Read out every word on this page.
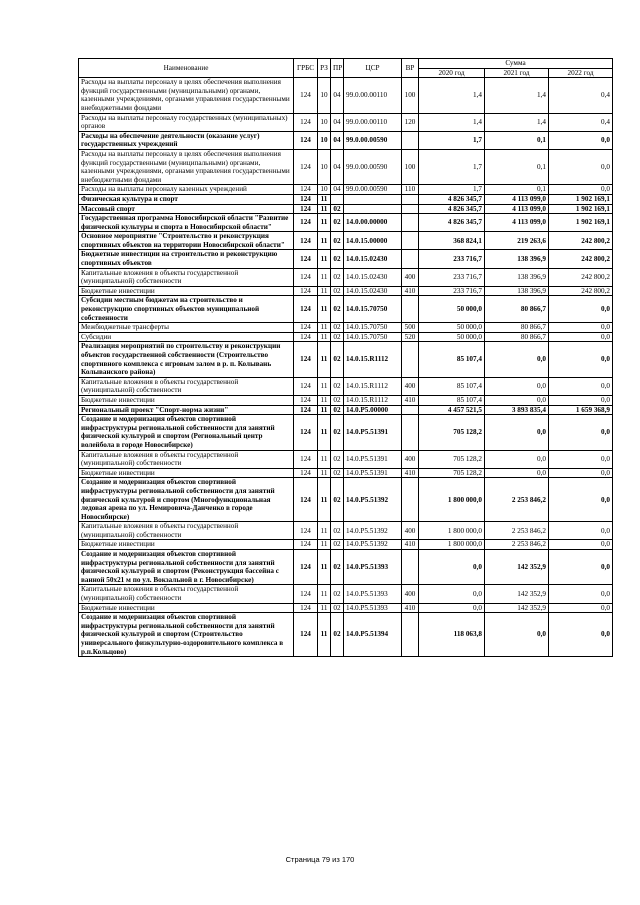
Наименование	ГРБС	РЗ	ПР	ЦСР	ВР	Сумма		
						2020 год	2021 год	2022 год
Расходы на выплаты персоналу в целях обеспечения выполнения функций государственными (муниципальными) органами, казенными учреждениями, органами управления государственными внебюджетными фондами	124	10	04	99.0.00.00110	100	1,4	1,4	0,4
Расходы на выплаты персоналу государственных (муниципальных) органов	124	10	04	99.0.00.00110	120	1,4	1,4	0,4
Расходы на обеспечение деятельности (оказание услуг) государственных учреждений	124	10	04	99.0.00.00590		1,7	0,1	0,0
Расходы на выплаты персоналу в целях обеспечения выполнения функций государственными (муниципальными) органами, казенными учреждениями, органами управления государственными внебюджетными фондами	124	10	04	99.0.00.00590	100	1,7	0,1	0,0
Расходы на выплаты персоналу казенных учреждений	124	10	04	99.0.00.00590	110	1,7	0,1	0,0
Физическая культура и спорт	124	11				4 826 345,7	4 113 099,0	1 902 169,1
Массовый спорт	124	11	02			4 826 345,7	4 113 099,0	1 902 169,1
Государственная программа Новосибирской области "Развитие физической культуры и спорта в Новосибирской области"	124	11	02	14.0.00.00000		4 826 345,7	4 113 099,0	1 902 169,1
Основное мероприятие "Строительство и реконструкция спортивных объектов на территории Новосибирской области"	124	11	02	14.0.15.00000		368 824,1	219 263,6	242 800,2
Бюджетные инвестиции на строительство и реконструкцию спортивных объектов	124	11	02	14.0.15.02430		233 716,7	138 396,9	242 800,2
Капитальные вложения в объекты государственной (муниципальной) собственности	124	11	02	14.0.15.02430	400	233 716,7	138 396,9	242 800,2
Бюджетные инвестиции	124	11	02	14.0.15.02430	410	233 716,7	138 396,9	242 800,2
Субсидии местным бюджетам на строительство и реконструкцию спортивных объектов муниципальной собственности	124	11	02	14.0.15.70750		50 000,0	80 866,7	0,0
Межбюджетные трансферты	124	11	02	14.0.15.70750	500	50 000,0	80 866,7	0,0
Субсидии	124	11	02	14.0.15.70750	520	50 000,0	80 866,7	0,0
Реализация мероприятий по строительству и реконструкции объектов государственной собственности (Строительство спортивного комплекса с игровым залом в р. п. Колывань Колыванского района)	124	11	02	14.0.15.R1112		85 107,4	0,0	0,0
Капитальные вложения в объекты государственной (муниципальной) собственности	124	11	02	14.0.15.R1112	400	85 107,4	0,0	0,0
Бюджетные инвестиции	124	11	02	14.0.15.R1112	410	85 107,4	0,0	0,0
Региональный проект "Спорт-норма жизни"	124	11	02	14.0.P5.00000		4 457 521,5	3 893 835,4	1 659 368,9
Создание и модернизация объектов спортивной инфраструктуры региональной собственности для занятий физической культурой и спортом (Региональный центр волейбола в городе Новосибирске)	124	11	02	14.0.P5.51391		705 128,2	0,0	0,0
Капитальные вложения в объекты государственной (муниципальной) собственности	124	11	02	14.0.P5.51391	400	705 128,2	0,0	0,0
Бюджетные инвестиции	124	11	02	14.0.P5.51391	410	705 128,2	0,0	0,0
Создание и модернизация объектов спортивной инфраструктуры региональной собственности для занятий физической культурой и спортом (Многофункциональная ледовая арена по ул. Немировича-Данченко в городе Новосибирске)	124	11	02	14.0.P5.51392		1 800 000,0	2 253 846,2	0,0
Капитальные вложения в объекты государственной (муниципальной) собственности	124	11	02	14.0.P5.51392	400	1 800 000,0	2 253 846,2	0,0
Бюджетные инвестиции	124	11	02	14.0.P5.51392	410	1 800 000,0	2 253 846,2	0,0
Создание и модернизация объектов спортивной инфраструктуры региональной собственности для занятий физической культурой и спортом (Реконструкция бассейна с ванной 50х21 м по ул. Вокзальной в г. Новосибирске)	124	11	02	14.0.P5.51393		0,0	142 352,9	0,0
Капитальные вложения в объекты государственной (муниципальной) собственности	124	11	02	14.0.P5.51393	400	0,0	142 352,9	0,0
Бюджетные инвестиции	124	11	02	14.0.P5.51393	410	0,0	142 352,9	0,0
Создание и модернизация объектов спортивной инфраструктуры региональной собственности для занятий физической культурой и спортом (Строительство универсального физкультурно-оздоровительного комплекса в р.п.Кольцово)	124	11	02	14.0.P5.51394		118 063,8	0,0	0,0
Страница 79 из 170
